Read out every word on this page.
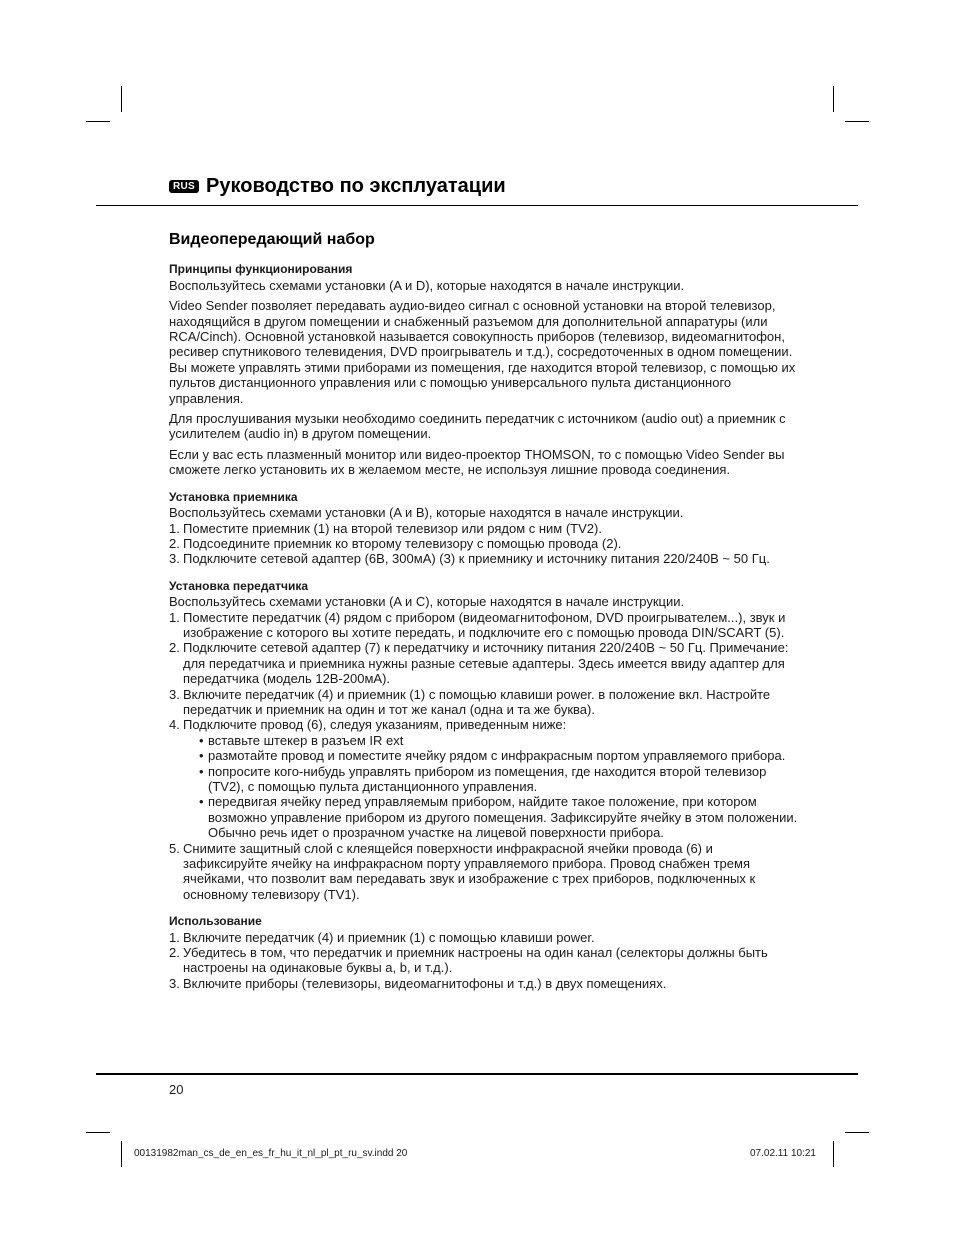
RUS Руководство по эксплуатации
Видеопередающий набор
Принципы функционирования

Воспользуйтесь схемами установки (A и D), которые находятся в начале инструкции.

Video Sender позволяет передавать аудио-видео сигнал с основной установки на второй телевизор, находящийся в другом помещении и снабженный разъемом для дополнительной аппаратуры (или RCA/Cinch). Основной установкой называется совокупность приборов (телевизор, видеомагнитофон, ресивер спутникового телевидения, DVD проигрыватель и т.д.), сосредоточенных в одном помещении. Вы можете управлять этими приборами из помещения, где находится второй телевизор, с помощью их пультов дистанционного управления или с помощью универсального пульта дистанционного управления.

Для прослушивания музыки необходимо соединить передатчик с источником (audio out) а приемник с усилителем (audio in) в другом помещении.

Если у вас есть плазменный монитор или видео-проектор THOMSON, то с помощью Video Sender вы сможете легко установить их в желаемом месте, не используя лишние провода соединения.

Установка приемника
Воспользуйтесь схемами установки (A и B), которые находятся в начале инструкции.
1. Поместите приемник (1) на второй телевизор или рядом с ним (TV2).
2. Подсоедините приемник ко второму телевизору с помощью провода (2).
3. Подключите сетевой адаптер (6В, 300мА) (3) к приемнику и источнику питания 220/240В ~ 50 Гц.
Установка передатчика
Воспользуйтесь схемами установки (A и C), которые находятся в начале инструкции.
1. Поместите передатчик (4) рядом с прибором (видеомагнитофоном, DVD проигрывателем...), звук и изображение с которого вы хотите передать, и подключите его с помощью провода DIN/SCART (5).
2. Подключите сетевой адаптер (7) к передатчику и источнику питания 220/240В ~ 50 Гц. Примечание: для передатчика и приемника нужны разные сетевые адаптеры. Здесь имеется ввиду адаптер для передатчика (модель 12В-200мА).
3. Включите передатчик (4) и приемник (1) с помощью клавиши power. в положение вкл. Настройте передатчик и приемник на один и тот же канал (одна и та же буква).
4. Подключите провод (6), следуя указаниям, приведенным ниже:
• вставьте штекер в разъем IR ext
• размотайте провод и поместите ячейку рядом с инфракрасным портом управляемого прибора.
• попросите кого-нибудь управлять прибором из помещения, где находится второй телевизор (TV2), с помощью пульта дистанционного управления.
• передвигая ячейку перед управляемым прибором, найдите такое положение, при котором возможно управление прибором из другого помещения. Зафиксируйте ячейку в этом положении. Обычно речь идет о прозрачном участке на лицевой поверхности прибора.
5. Снимите защитный слой с клеящейся поверхности инфракрасной ячейки провода (6) и зафиксируйте ячейку на инфракрасном порту управляемого прибора. Провод снабжен тремя ячейками, что позволит вам передавать звук и изображение с трех приборов, подключенных к основному телевизору (TV1).
Использование
1. Включите передатчик (4) и приемник (1) с помощью клавиши power.
2. Убедитесь в том, что передатчик и приемник настроены на один канал (селекторы должны быть настроены на одинаковые буквы a, b, и т.д.).
3. Включите приборы (телевизоры, видеомагнитофоны и т.д.) в двух помещениях.
20
00131982man_cs_de_en_es_fr_hu_it_nl_pl_pt_ru_sv.indd 20	07.02.11 10:21
